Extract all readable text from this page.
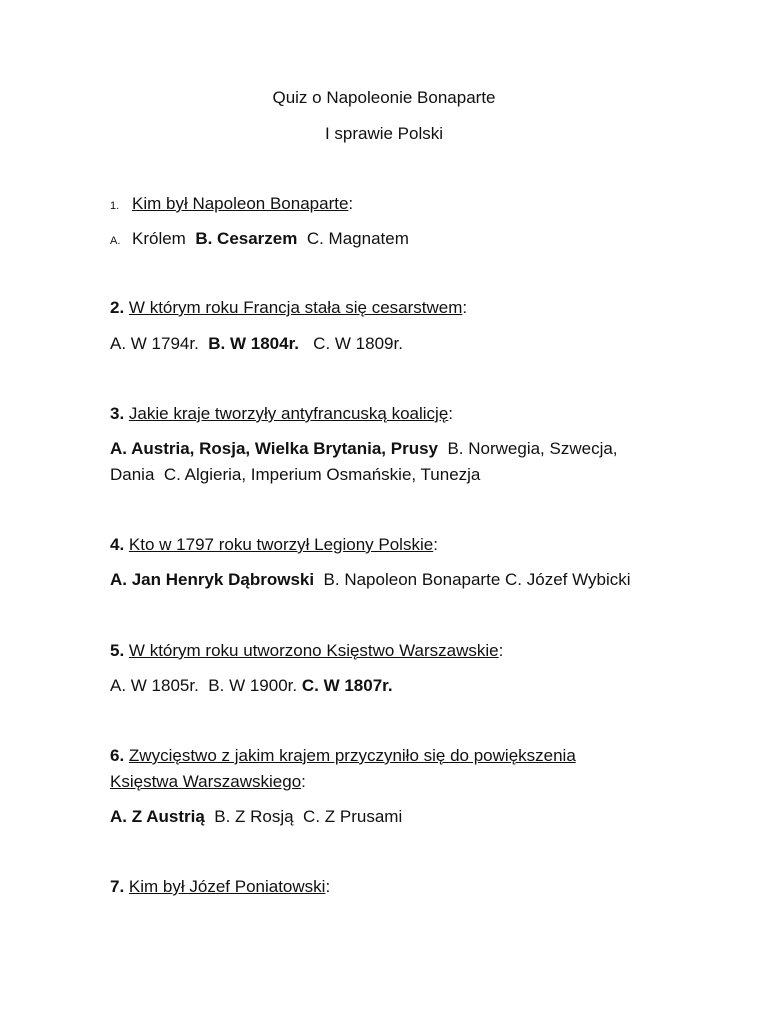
Quiz o Napoleonie Bonaparte
I sprawie Polski
1. Kim był Napoleon Bonaparte:
A. Królem B. Cesarzem C. Magnatem
2. W którym roku Francja stała się cesarstwem:
A. W 1794r. B. W 1804r. C. W 1809r.
3. Jakie kraje tworzyły antyfrancuską koalicję:
A. Austria, Rosja, Wielka Brytania, Prusy B. Norwegia, Szwecja,
Dania C. Algieria, Imperium Osmańskie, Tunezja
4. Kto w 1797 roku tworzył Legiony Polskie:
A. Jan Henryk Dąbrowski B. Napoleon Bonaparte C. Józef Wybicki
5. W którym roku utworzono Księstwo Warszawskie:
A. W 1805r. B. W 1900r. C. W 1807r.
6. Zwycięstwo z jakim krajem przyczyniło się do powiększenia
Księstwa Warszawskiego:
A. Z Austrią B. Z Rosją C. Z Prusami
7. Kim był Józef Poniatowski:
